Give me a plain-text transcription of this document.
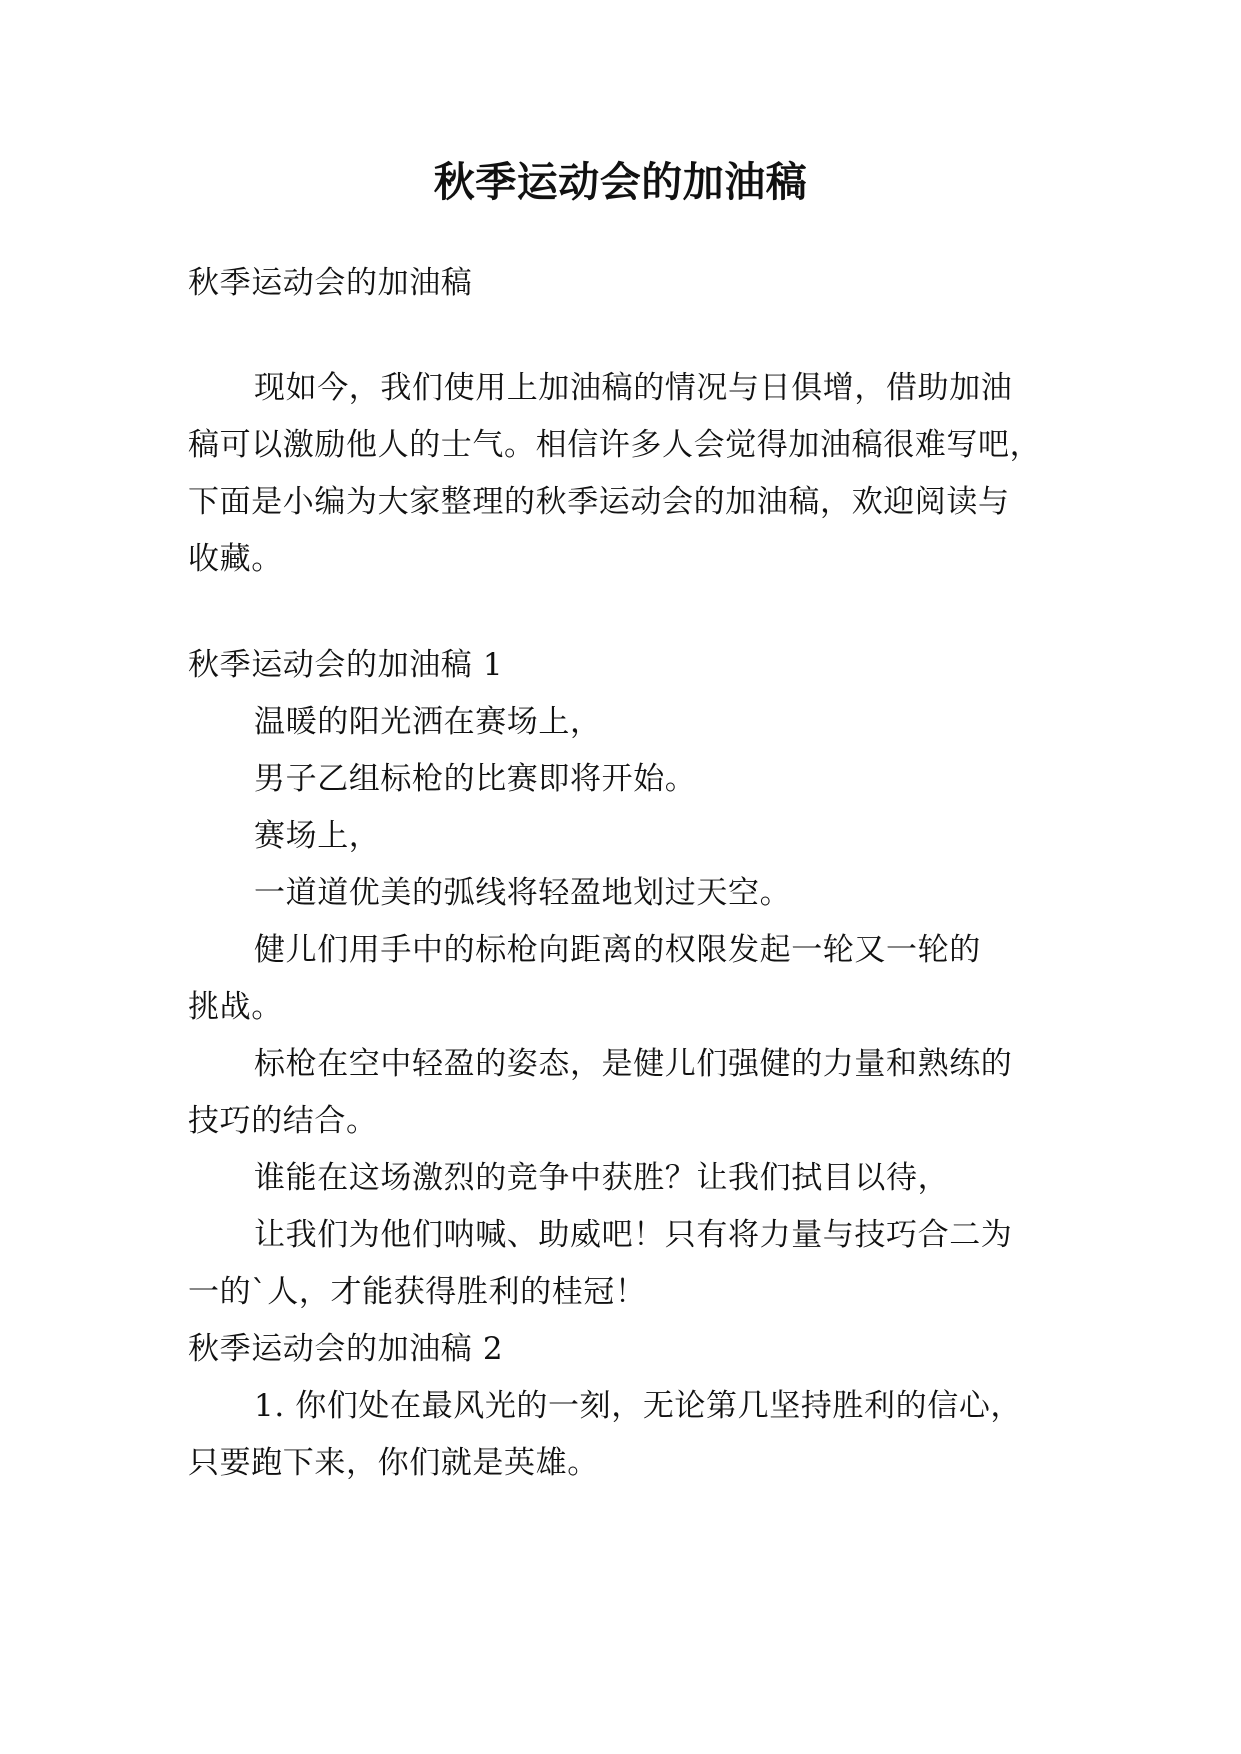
秋季运动会的加油稿
秋季运动会的加油稿
现如今，我们使用上加油稿的情况与日俱增，借助加油
稿可以激励他人的士气。相信许多人会觉得加油稿很难写吧，
下面是小编为大家整理的秋季运动会的加油稿，欢迎阅读与
收藏。
秋季运动会的加油稿 1
温暖的阳光洒在赛场上，
男子乙组标枪的比赛即将开始。
赛场上，
一道道优美的弧线将轻盈地划过天空。
健儿们用手中的标枪向距离的权限发起一轮又一轮的
挑战。
标枪在空中轻盈的姿态，是健儿们强健的力量和熟练的
技巧的结合。
谁能在这场激烈的竞争中获胜？让我们拭目以待，
让我们为他们呐喊、助威吧！只有将力量与技巧合二为
一的`人，才能获得胜利的桂冠！
秋季运动会的加油稿 2
1. 你们处在最风光的一刻，无论第几坚持胜利的信心，
只要跑下来，你们就是英雄。
